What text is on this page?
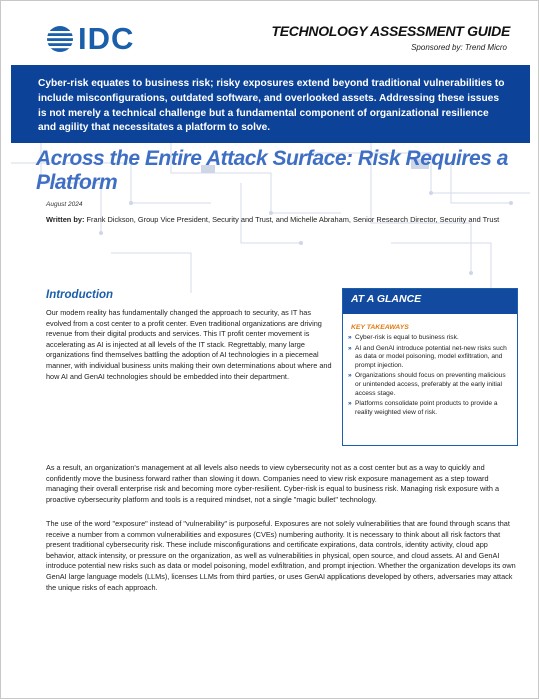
IDC	TECHNOLOGY ASSESSMENT GUIDE
Sponsored by: Trend Micro
Cyber-risk equates to business risk; risky exposures extend beyond traditional vulnerabilities to include misconfigurations, outdated software, and overlooked assets. Addressing these issues is not merely a technical challenge but a fundamental component of organizational resilience and agility that necessitates a platform to solve.
Across the Entire Attack Surface: Risk Requires a Platform
August 2024
Written by: Frank Dickson, Group Vice President, Security and Trust, and Michelle Abraham, Senior Research Director, Security and Trust
Introduction
Our modern reality has fundamentally changed the approach to security, as IT has evolved from a cost center to a profit center. Even traditional organizations are driving revenue from their digital products and services. This IT profit center movement is accelerating as AI is injected at all levels of the IT stack. Regrettably, many large organizations find themselves battling the adoption of AI technologies in a piecemeal manner, with individual business units making their own determinations about where and how AI and GenAI technologies should be embedded into their department.
AT A GLANCE
KEY TAKEAWAYS
» Cyber-risk is equal to business risk.
» AI and GenAI introduce potential net-new risks such as data or model poisoning, model exfiltration, and prompt injection.
» Organizations should focus on preventing malicious or unintended access, preferably at the early initial access stage.
» Platforms consolidate point products to provide a reality weighted view of risk.
As a result, an organization's management at all levels also needs to view cybersecurity not as a cost center but as a way to quickly and confidently move the business forward rather than slowing it down. Companies need to view risk exposure management as a step toward managing their overall enterprise risk and becoming more cyber-resilient. Cyber-risk is equal to business risk. Managing risk exposure with a proactive cybersecurity platform and tools is a required mindset, not a single "magic bullet" technology.
The use of the word "exposure" instead of "vulnerability" is purposeful. Exposures are not solely vulnerabilities that are found through scans that receive a number from a common vulnerabilities and exposures (CVEs) numbering authority. It is necessary to think about all risk factors that present traditional cybersecurity risk. These include misconfigurations and certificate expirations, data controls, identity activity, cloud app behavior, attack intensity, or pressure on the organization, as well as vulnerabilities in physical, open source, and cloud assets. AI and GenAI introduce potential new risks such as data or model poisoning, model exfiltration, and prompt injection. Whether the organization develops its own GenAI large language models (LLMs), licenses LLMs from third parties, or uses GenAI applications developed by others, adversaries may attack the unique risks of each approach.
